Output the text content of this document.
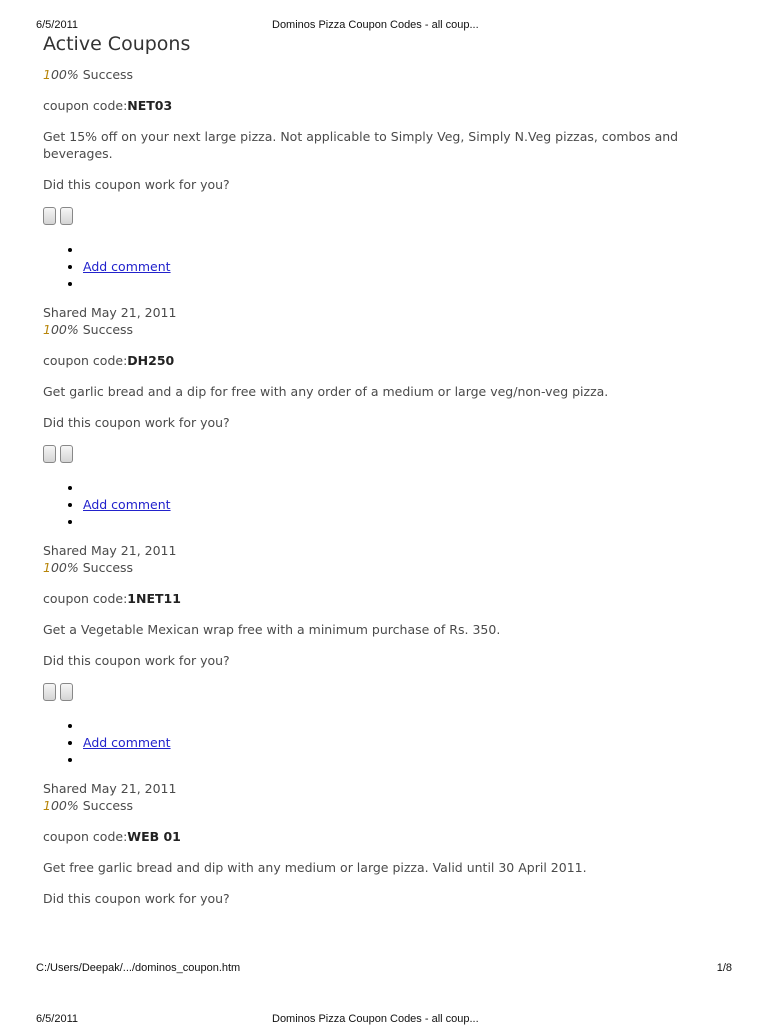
6/5/2011	Dominos Pizza Coupon Codes - all coup...
Active Coupons
100% Success
coupon code:NET03
Get 15% off on your next large pizza. Not applicable to Simply Veg, Simply N.Veg pizzas, combos and beverages.
Did this coupon work for you?
•
• Add comment
•
Shared May 21, 2011
100% Success
coupon code:DH250
Get garlic bread and a dip for free with any order of a medium or large veg/non-veg pizza.
Did this coupon work for you?
•
• Add comment
•
Shared May 21, 2011
100% Success
coupon code:1NET11
Get a Vegetable Mexican wrap free with a minimum purchase of Rs. 350.
Did this coupon work for you?
•
• Add comment
•
Shared May 21, 2011
100% Success
coupon code:WEB 01
Get free garlic bread and dip with any medium or large pizza. Valid until 30 April 2011.
Did this coupon work for you?
C:/Users/Deepak/.../dominos_coupon.htm	1/8
6/5/2011	Dominos Pizza Coupon Codes - all coup...
